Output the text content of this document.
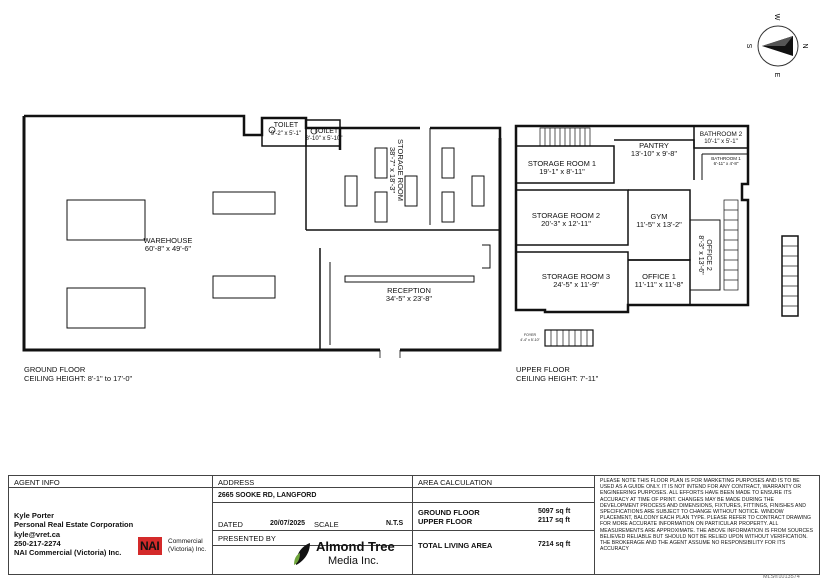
N
S
E
W
WAREHOUSE
60'-8" x 49'-6"
TOILET
9'-2" x 5'-1" TOILET
8'-10" x 5'-10"
STORAGE ROOM
38'-7" x 18'-3"
RECEPTION
34'-5" x 23'-8"
GROUND FLOOR
CEILING HEIGHT: 8'-1" to 17'-0"
STORAGE ROOM 1
19'-1" x 8'-11"
PANTRY
13'-10" x 9'-8"
BATHROOM 2
10'-1" x 5'-1"
BATHROOM 1
6'-11" x 4'-8"
STORAGE ROOM 2
20'-3" x 12'-11"
GYM
11'-5" x 13'-2"
STORAGE ROOM 3
24'-5" x 11'-9"
OFFICE 1
11'-11" x 11'-8"
OFFICE 2
8'-3" x 13'-6"
FOYER
4'-4" x 5'-10"
UPPER FLOOR
CEILING HEIGHT: 7'-11"
AGENT INFO
Kyle Porter
Personal Real Estate Corporation
kyle@vret.ca
250-217-2274
NAI Commercial (Victoria) Inc. NAI Commercial
(Victoria) Inc.
ADDRESS
2665 SOOKE RD, LANGFORD
DATED	20/07/2025 SCALE	N.T.S
PRESENTED BY
Almond Tree
Media Inc.
AREA CALCULATION
GROUND FLOOR	5097 sq ft
UPPER FLOOR	2117 sq ft
TOTAL LIVING AREA	7214 sq ft
PLEASE NOTE THIS FLOOR PLAN IS FOR MARKETING PURPOSES AND IS TO BE USED AS A GUIDE ONLY. IT IS NOT INTEND FOR ANY CONTRACT, WARRANTY OR ENGINEERING PURPOSES. ALL EFFORTS HAVE BEEN MADE TO ENSURE ITS ACCURACY AT TIME OF PRINT. CHANGES MAY BE MADE DURING THE DEVELOPMENT PROCESS AND DIMENSIONS, FIXTURES, FITTINGS, FINISHES AND SPECIFICATIONS ARE SUBJECT TO CHANGE WITHOUT NOTICE. WINDOW PLACEMENT, BALCONY EACH PLAN TYPE. PLEASE REFER TO CONTRACT DRAWING FOR MORE ACCURATE INFORMATION ON PARTICULAR PROPERTY. ALL MEASUREMENTS ARE APPROXIMATE. THE ABOVE INFORMATION IS FROM SOURCES BELIEVED RELIABLE BUT SHOULD NOT BE RELIED UPON WITHOUT VERIFICATION. THE BROKERAGE AND THE AGENT ASSUME NO RESPONSIBILITY FOR ITS ACCURACY
MLS®1013574
